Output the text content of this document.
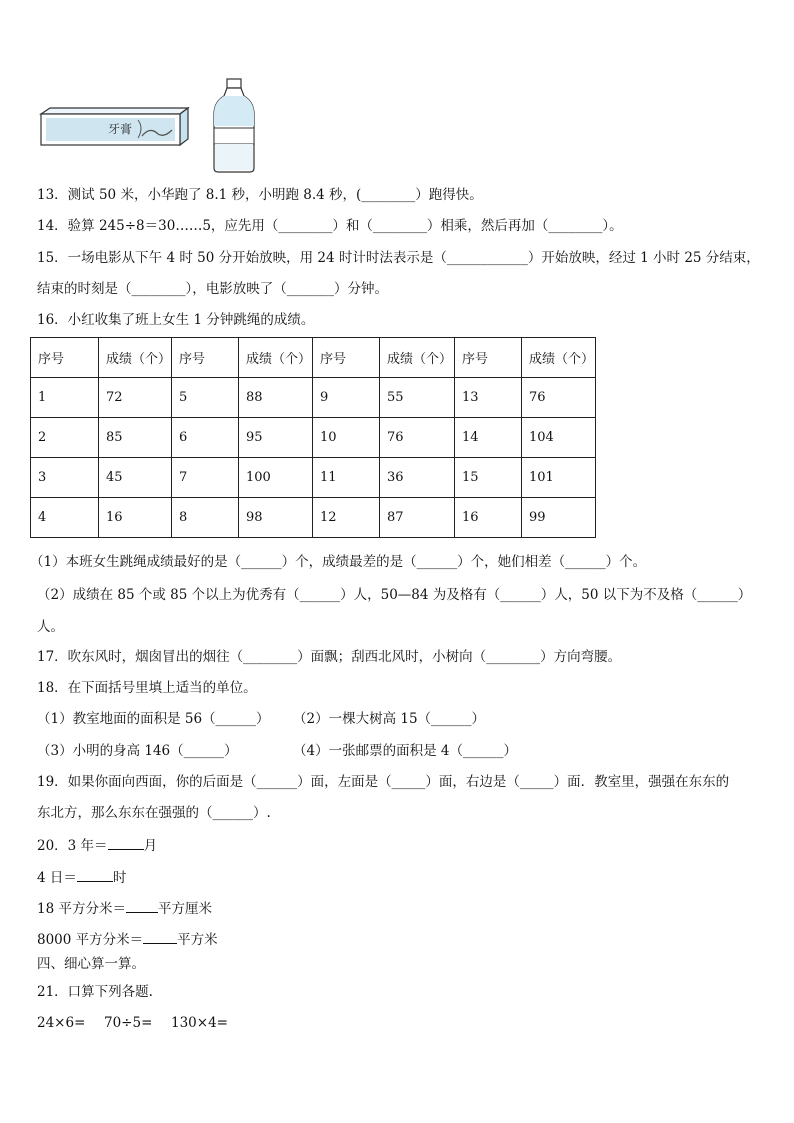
牙膏
13．测试 50 米，小华跑了 8.1 秒，小明跑 8.4 秒，(________）跑得快。
14．验算 245÷8＝30……5，应先用（________）和（________）相乘，然后再加（________）。
15．一场电影从下午 4 时 50 分开始放映，用 24 时计时法表示是（____________）开始放映，经过 1 小时 25 分结束，
结束的时刻是（________），电影放映了（_______）分钟。
16．小红收集了班上女生 1 分钟跳绳的成绩。
序号	成绩（个）	序号	成绩（个）	序号	成绩（个）	序号	成绩（个）
1	72	5	88	9	55	13	76
2	85	6	95	10	76	14	104
3	45	7	100	11	36	15	101
4	16	8	98	12	87	16	99
（1）本班女生跳绳成绩最好的是（______）个，成绩最差的是（______）个，她们相差（______）个。
（2）成绩在 85 个或 85 个以上为优秀有（______）人，50—84 为及格有（______）人，50 以下为不及格（______）
人。
17．吹东风时，烟囱冒出的烟往（________）面飘；刮西北风时，小树向（________）方向弯腰。
18．在下面括号里填上适当的单位。
（1）教室地面的面积是 56（______） （2）一棵大树高 15（______）
（3）小明的身高 146（______）	（4）一张邮票的面积是 4（______）
19．如果你面向西面，你的后面是（______）面，左面是（_____）面，右边是（_____）面．教室里，强强在东东的
东北方，那么东东在强强的（______）.
20．3 年＝	月
4 日＝	时
18 平方分米＝ 平方厘米
8000 平方分米＝	平方米
四、细心算一算。
21．口算下列各题.
24×6= 70÷5= 130×4=
